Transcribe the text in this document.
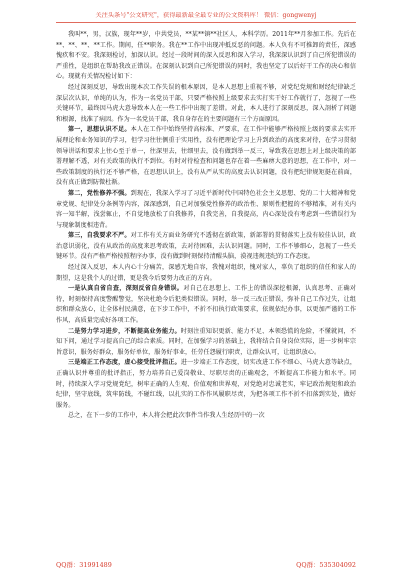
关注头条号"公文研究"，获得最新最全最专业的公文资料库！ 微信：gongwenyj

我叫**，男，汉族，现年**岁，中共党员，**某**镇**社区人，本科学历。2011年**月参加工作。先后在**、**、**、**工作。期间，任**职务。我在**工作中出现冲抵反恶的问题。本人负有不可推卸的责任，深感愧疚和不安。我深刻检讨，加深认识。经过一段时间的深入反思和深入学习，我深深认识到了自己所犯错误的严重性，是组织在帮助我改正错误。在深刻认识到自己所犯错误的同时，我也坚定了以后好干工作的决心和信心。现就有关情况检讨如下：

经过深刻反思，导致出现本次工作失误的根本原因，是本人思想上重视不够，对党纪党规和财经纪律缺乏深层次认识，单纯的认为，作为一名党员干部，只要严格按照上级要求去实打实干好工作就行了，忽视了一些关键环节，最终因马虎大意导致本人在一些工作中出现了差错。对此，本人进行了深刻反思，深入剖析了问题和根源，找准了病因。作为一名党员干部，我自身存在的主要问题有三个方面原因。

第一，思想认识不足。本人在工作中始终坚持高标准、严要求，在工作中能够严格按照上级的要求去实开展理论和业务知识的学习，但学习往往侧重于实用性，没有把理论学习上升到政治的高度来对待，在学习贯彻领导讲话和要求上往心至于单一，往深里去，往细里去，没有做到举一反三，导致我在思想上对上级决策的部署理解不透，对有关政策的执行不到位。有时对待检查和问题也存在着一些麻痹大意的思想，在工作中，对一些政策制度的执行还不够严格，在思想认识上，没有从严从实的高度去认识问题，没有把纪律规矩挺在前面，没有真正做到防微杜渐。

第二，党性修养不强。到现在，我深入学习了习近平新时代中国特色社会主义思想、党的二十大精神和党章党规、纪律处分条例等内容，深深感到，自己对加强党性修养的政治性、原则性把握的不够精准，对有关内容一知半解，浅尝辄止，不自觉地放松了自我修养，自我完善，自我提高，内心深处没有考虑到一些错误行为与现象制度相违背。

第三，自我要求不严。对工作有关方面业务研究不透彻在新政策，新部署的贯彻落实上没有较佳认识，政治意识弱化，没有从政治的高度来思考政策，去对待困难，去认识问题。同时，工作不够细心，忽视了一些关键环节。没有严格严格按照程序办事，没有做到时刻保持清醒头脑，漠视违规违纪的工作态度。

经过深入反思，本人内心十分痛苦，深感无地自容，我愧对组织，愧对家人，辜负了组织的信任和家人的期望，这是我个人的过错，更是我今后要努力改正的方向。

一是认真自省自查，深刻反省自身错误。对自己在思想上、工作上的错误深挖根源，认真思考、正确对待，时刻保持高度警醒警觉，坚决杜绝今后犯类似错误。同时，举一反三改正错误，弥补自己工作过失，让组织和群众放心，让全体村民满意，在下步工作中，不折不扣执行政策要求，依规依纪办事，以更加严谨的工作作风，高质量完成好各项工作。

二是努力学习进步，不断提高业务能力。时刻注重知识更新、能力不足、本领恐慌的危险，不懂就问，不知下问，通过学习提高自己的综合素质。同时，在加强学习的基础上，我将结合自身岗位实际，进一步树牢宗旨意识，服务好群众，服务好单位，服务好事业，任劳任怨履行职责，让群众认可，让组织放心。

三是端正工作态度，虚心接受批评指正。进一步端正工作态度，切实改进工作不细心、马虎大意等缺点，正确认识并尊重的批评指正，努力培养自己爱岗敬业、尽职尽责的正确观念，不断提高工作能力和水平。同时，持续深入学习党规党纪，树牢正确的人生观、价值观和世界观，对党绝对忠诚老实，牢记政治规矩和政治纪律，坚守底线，筑牢防线，不碰红线，以扎实的工作作风履职尽责，为把各项工作不折不扣落到实处，做好服务。

总之，在下一步的工作中，本人将会把此次事件当作我人生经历中的一次

QQ群：31991489	QQ群：535304092
